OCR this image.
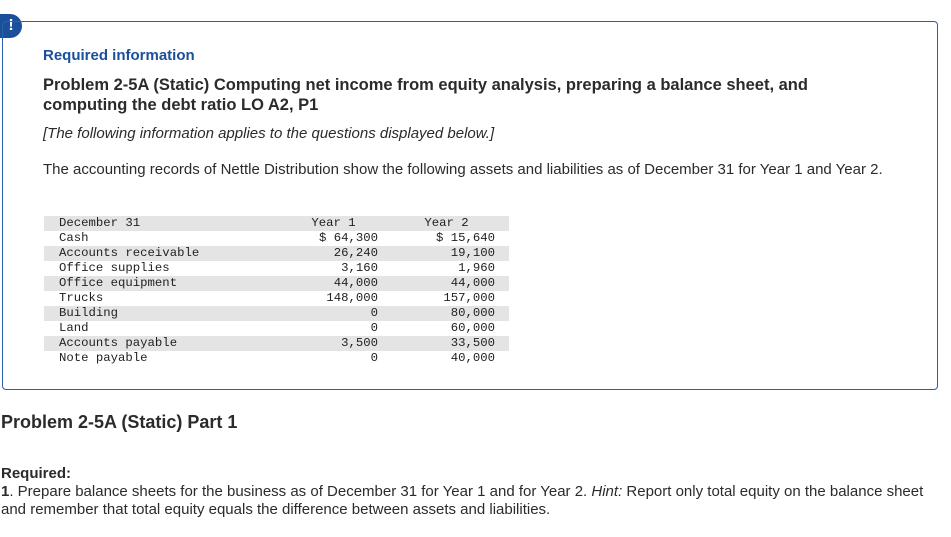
!
Required information
Problem 2-5A (Static) Computing net income from equity analysis, preparing a balance sheet, and computing the debt ratio LO A2, P1
[The following information applies to the questions displayed below.]
The accounting records of Nettle Distribution show the following assets and liabilities as of December 31 for Year 1 and Year 2.
December 31	Year 1	Year 2	
Cash	$ 64,300	$ 15,640	
Accounts receivable	26,240	19,100	
Office supplies	3,160	1,960	
Office equipment	44,000	44,000	
Trucks	148,000	157,000	
Building	0	80,000	
Land	0	60,000	
Accounts payable	3,500	33,500	
Note payable	0	40,000	
Problem 2-5A (Static) Part 1
Required:
1. Prepare balance sheets for the business as of December 31 for Year 1 and for Year 2. Hint: Report only total equity on the balance sheet and remember that total equity equals the difference between assets and liabilities.
